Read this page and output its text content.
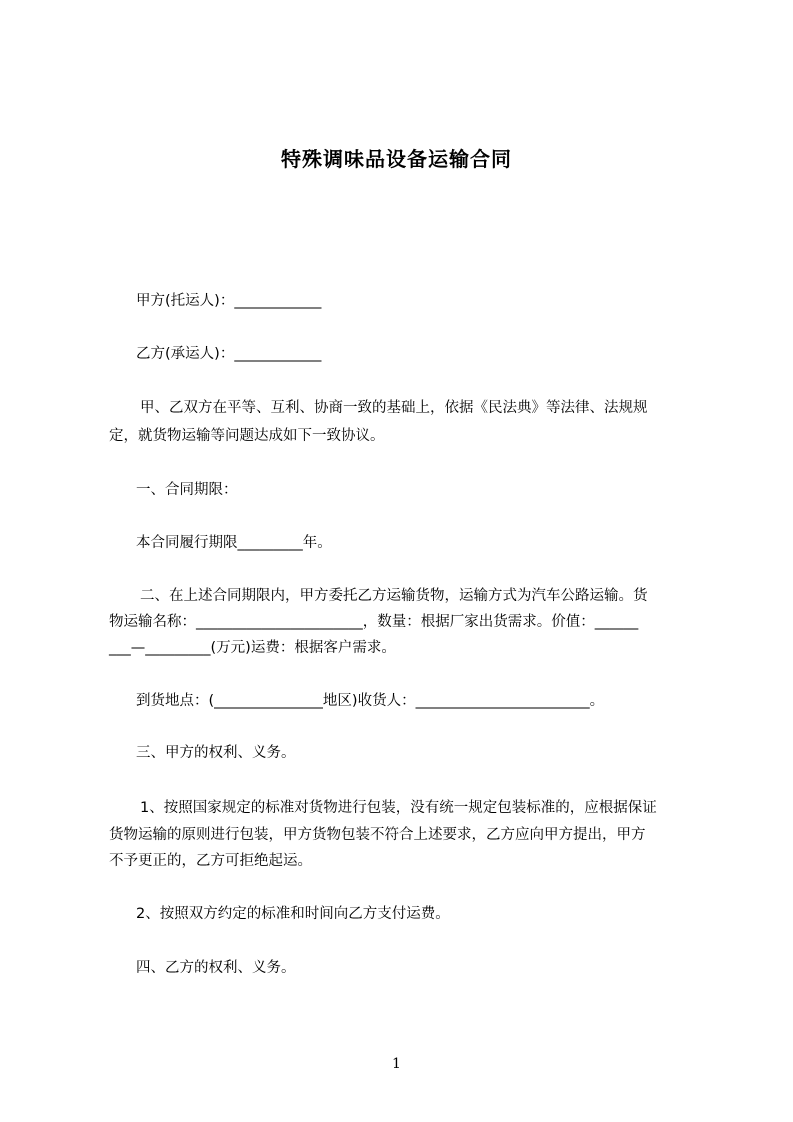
特殊调味品设备运输合同
甲方(托运人)：____________
乙方(承运人)：____________
甲、乙双方在平等、互利、协商一致的基础上，依据《民法典》等法律、法规规
定，就货物运输等问题达成如下一致协议。
一、合同期限：
本合同履行期限_________年。
二、在上述合同期限内，甲方委托乙方运输货物，运输方式为汽车公路运输。货
物运输名称：_______________________，数量：根据厂家出货需求。价值：______
___—_________(万元)运费：根据客户需求。
到货地点：(_______________地区)收货人：________________________。
三、甲方的权利、义务。
1、按照国家规定的标准对货物进行包装，没有统一规定包装标准的，应根据保证
货物运输的原则进行包装，甲方货物包装不符合上述要求，乙方应向甲方提出，甲方
不予更正的，乙方可拒绝起运。
2、按照双方约定的标准和时间向乙方支付运费。
四、乙方的权利、义务。
1
